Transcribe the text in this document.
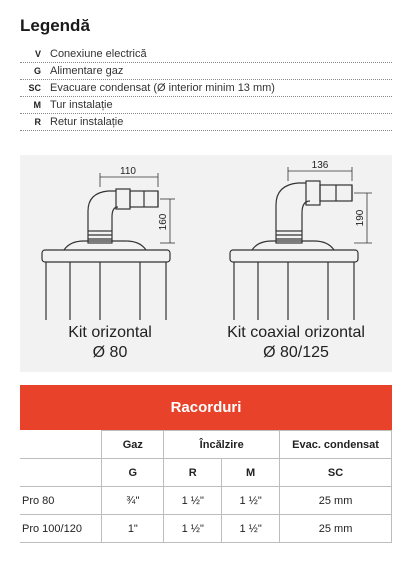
Legendă
V Conexiune electrică
G Alimentare gaz
SC Evacuare condensat (Ø interior minim 13 mm)
M Tur instalație
R Retur instalație
110
160
136
190
Kit orizontal
Ø 80
Kit coaxial orizontal
Ø 80/125
Racorduri
	Gaz	Încălzire		Evac. condensat
	G	R	M	SC
Pro 80	¾"	1 ½"	1 ½"	25 mm
Pro 100/120	1"	1 ½"	1 ½"	25 mm
